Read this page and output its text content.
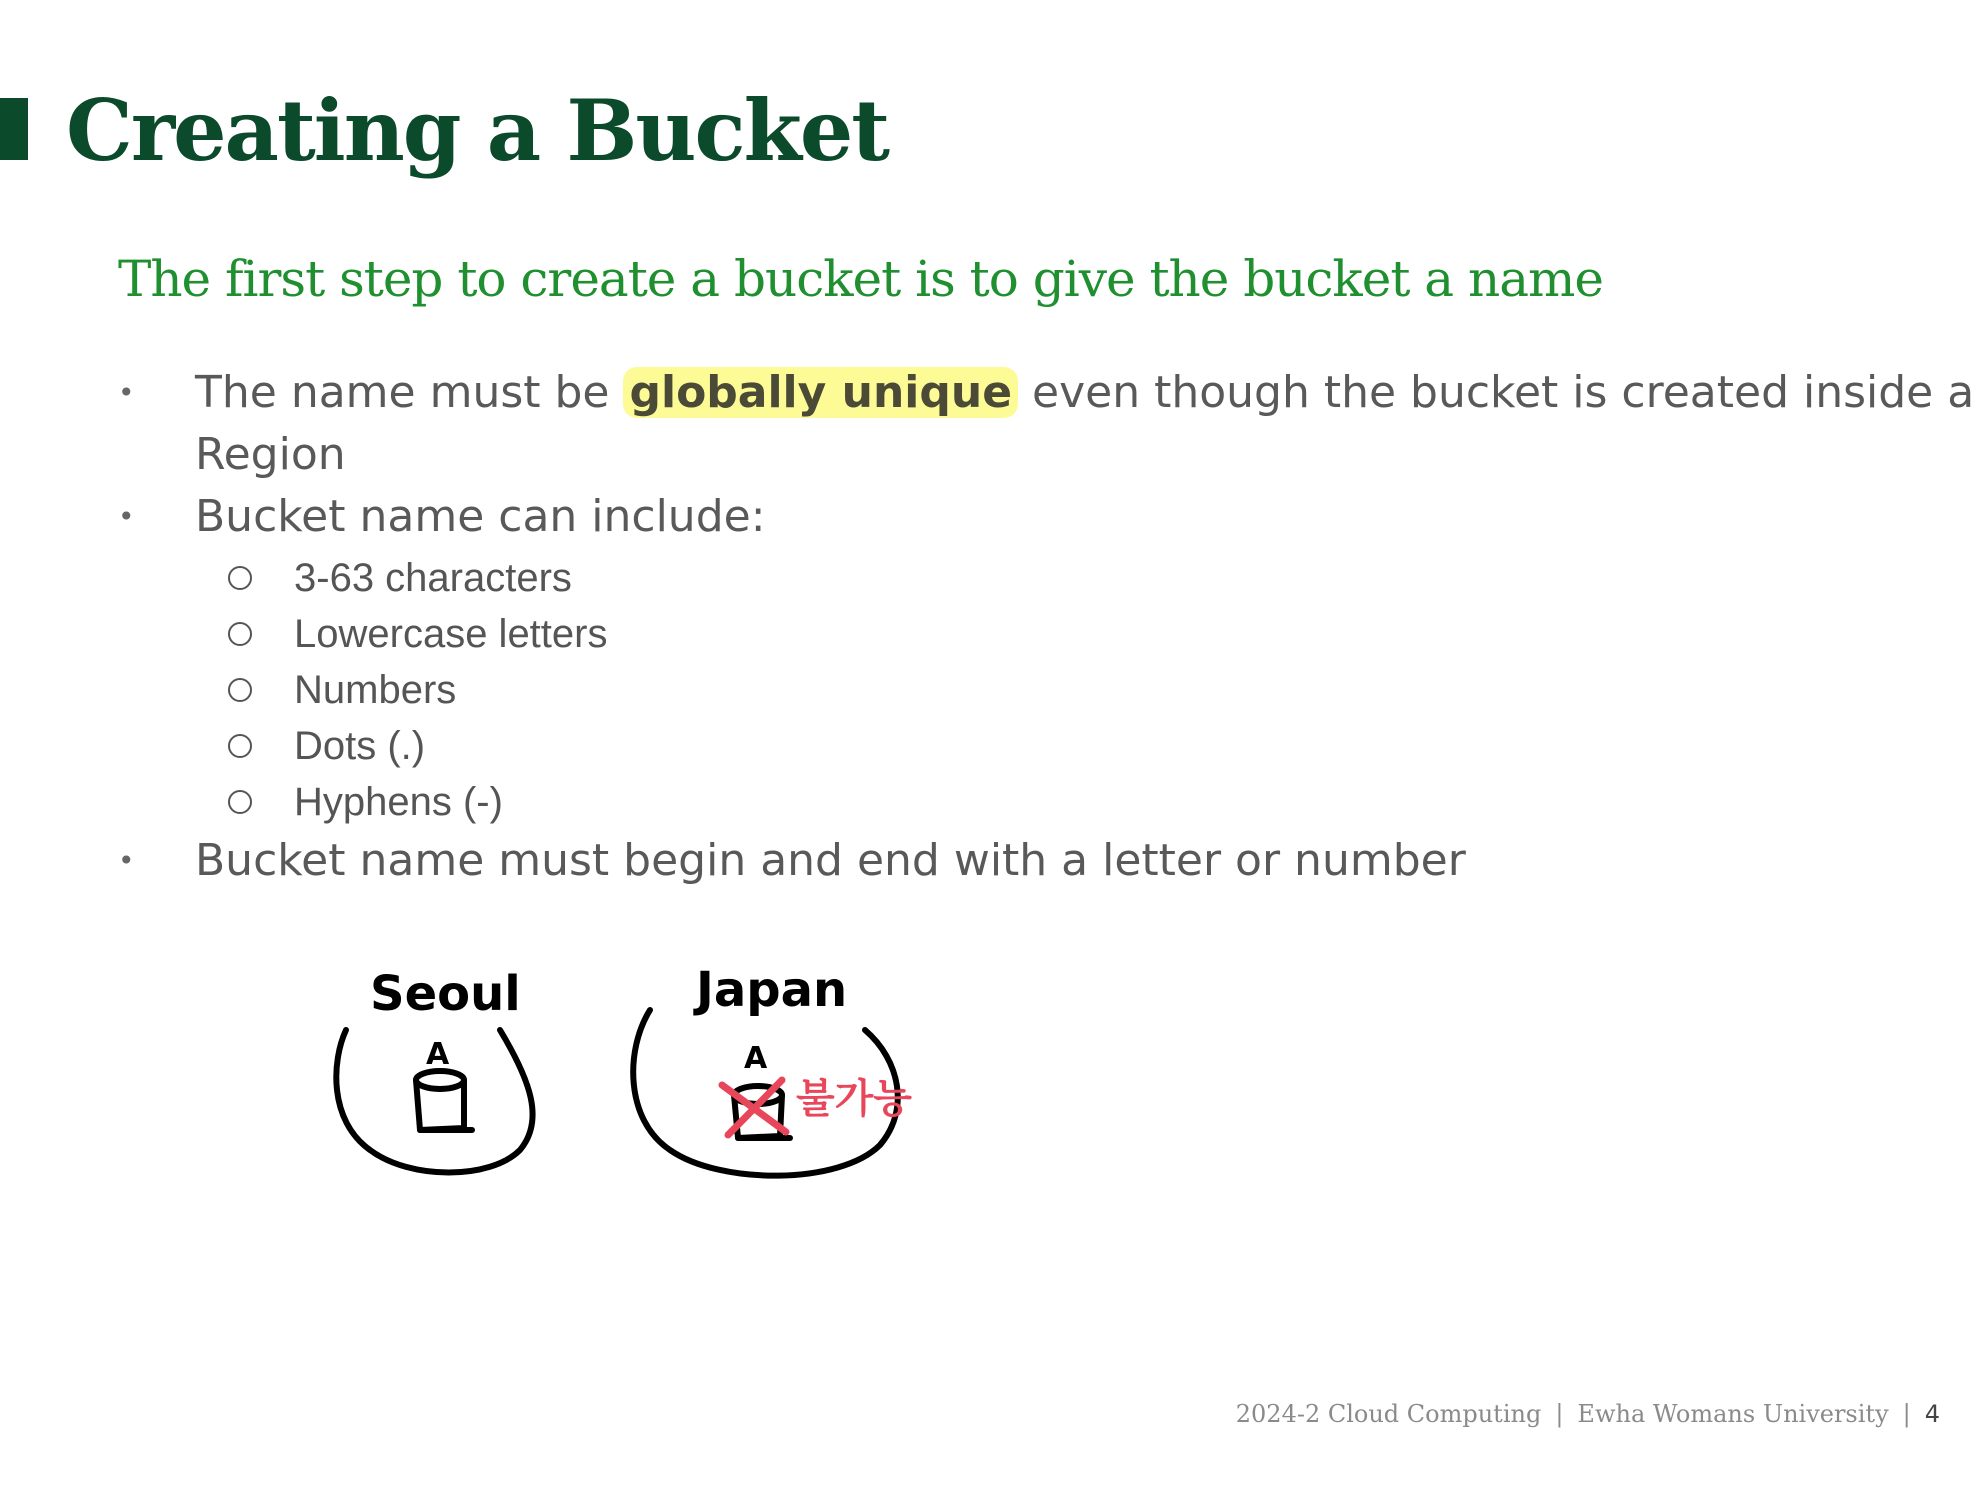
Creating a Bucket
The first step to create a bucket is to give the bucket a name
•	The name must be globally unique even though the bucket is created inside a
Region
•	Bucket name can include:
3-63 characters
Lowercase letters
Numbers
Dots (.)
Hyphens (-)
•	Bucket name must begin and end with a letter or number
Seoul	Japan
A	A
불가능
2024-2 Cloud Computing | Ewha Womans University | 4
